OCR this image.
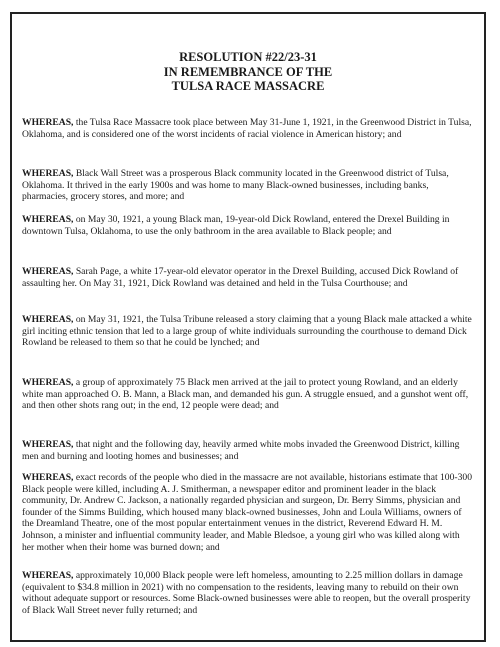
RESOLUTION #22/23-31
IN REMEMBRANCE OF THE
TULSA RACE MASSACRE

WHEREAS, the Tulsa Race Massacre took place between May 31-June 1, 1921, in the Greenwood District in Tulsa, Oklahoma, and is considered one of the worst incidents of racial violence in American history; and

WHEREAS, Black Wall Street was a prosperous Black community located in the Greenwood district of Tulsa, Oklahoma. It thrived in the early 1900s and was home to many Black-owned businesses, including banks, pharmacies, grocery stores, and more; and

WHEREAS, on May 30, 1921, a young Black man, 19-year-old Dick Rowland, entered the Drexel Building in downtown Tulsa, Oklahoma, to use the only bathroom in the area available to Black people; and

WHEREAS, Sarah Page, a white 17-year-old elevator operator in the Drexel Building, accused Dick Rowland of assaulting her. On May 31, 1921, Dick Rowland was detained and held in the Tulsa Courthouse; and

WHEREAS, on May 31, 1921, the Tulsa Tribune released a story claiming that a young Black male attacked a white girl inciting ethnic tension that led to a large group of white individuals surrounding the courthouse to demand Dick Rowland be released to them so that he could be lynched; and

WHEREAS, a group of approximately 75 Black men arrived at the jail to protect young Rowland, and an elderly white man approached O. B. Mann, a Black man, and demanded his gun. A struggle ensued, and a gunshot went off, and then other shots rang out; in the end, 12 people were dead; and

WHEREAS, that night and the following day, heavily armed white mobs invaded the Greenwood District, killing men and burning and looting homes and businesses; and

WHEREAS, exact records of the people who died in the massacre are not available, historians estimate that 100-300 Black people were killed, including A. J. Smitherman, a newspaper editor and prominent leader in the black community, Dr. Andrew C. Jackson, a nationally regarded physician and surgeon, Dr. Berry Simms, physician and founder of the Simms Building, which housed many black-owned businesses, John and Loula Williams, owners of the Dreamland Theatre, one of the most popular entertainment venues in the district, Reverend Edward H. M. Johnson, a minister and influential community leader, and Mable Bledsoe, a young girl who was killed along with her mother when their home was burned down; and

WHEREAS, approximately 10,000 Black people were left homeless, amounting to 2.25 million dollars in damage (equivalent to $34.8 million in 2021) with no compensation to the residents, leaving many to rebuild on their own without adequate support or resources. Some Black-owned businesses were able to reopen, but the overall prosperity of Black Wall Street never fully returned; and
